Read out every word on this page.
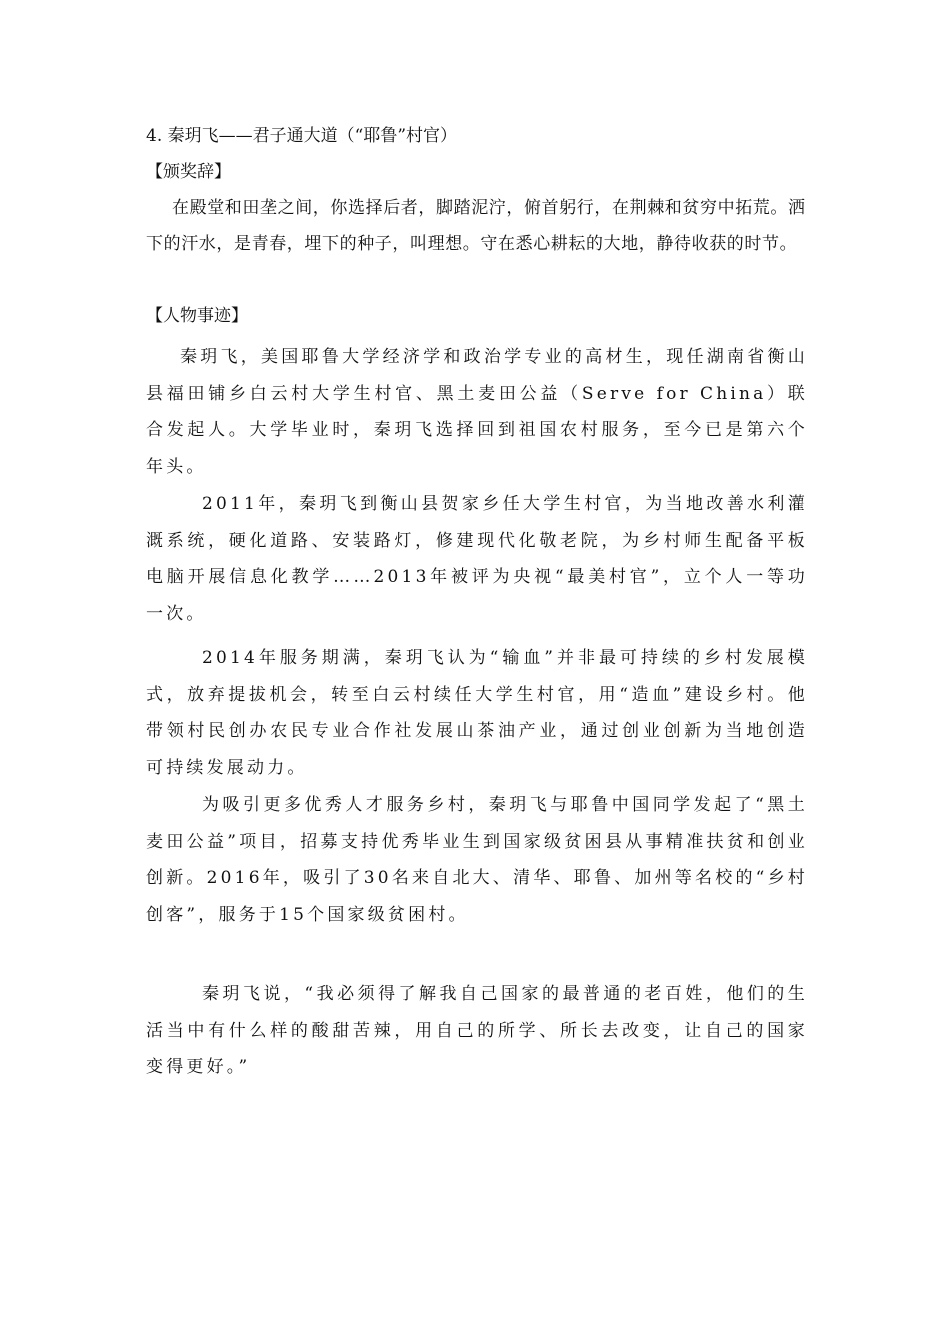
4. 秦玥飞——君子通大道（“耶鲁”村官）

【颁奖辞】

在殿堂和田垄之间，你选择后者，脚踏泥泞，俯首躬行，在荆棘和贫穷中拓荒。洒下的汗水，是青春，埋下的种子，叫理想。守在悉心耕耘的大地，静待收获的时节。

【人物事迹】

秦玥飞，美国耶鲁大学经济学和政治学专业的高材生，现任湖南省衡山县福田铺乡白云村大学生村官、黑土麦田公益（Serve for China）联合发起人。大学毕业时，秦玥飞选择回到祖国农村服务，至今已是第六个年头。

2011年，秦玥飞到衡山县贺家乡任大学生村官，为当地改善水利灌溉系统，硬化道路、安装路灯，修建现代化敬老院，为乡村师生配备平板电脑开展信息化教学……2013年被评为央视“最美村官”，立个人一等功一次。

2014年服务期满，秦玥飞认为“输血”并非最可持续的乡村发展模式，放弃提拔机会，转至白云村续任大学生村官，用“造血”建设乡村。他带领村民创办农民专业合作社发展山茶油产业，通过创业创新为当地创造可持续发展动力。

为吸引更多优秀人才服务乡村，秦玥飞与耶鲁中国同学发起了“黑土麦田公益”项目，招募支持优秀毕业生到国家级贫困县从事精准扶贫和创业创新。2016年，吸引了30名来自北大、清华、耶鲁、加州等名校的“乡村创客”，服务于15个国家级贫困村。

秦玥飞说，“我必须得了解我自己国家的最普通的老百姓，他们的生活当中有什么样的酸甜苦辣，用自己的所学、所长去改变，让自己的国家变得更好。”
